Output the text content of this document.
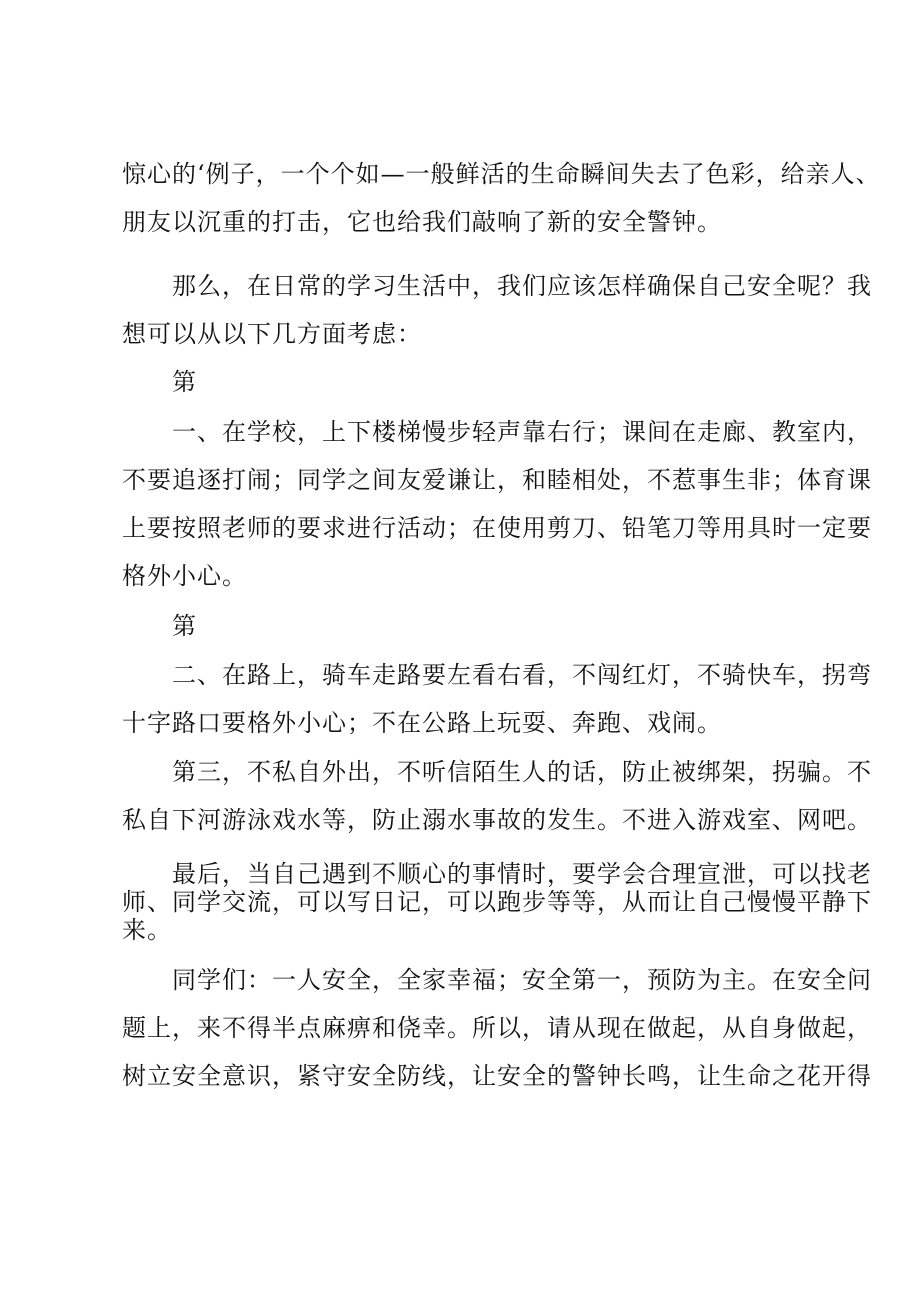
惊心的‘例子，一个个如—一般鲜活的生命瞬间失去了色彩，给亲人、
朋友以沉重的打击，它也给我们敲响了新的安全警钟。
那么，在日常的学习生活中，我们应该怎样确保自己安全呢？我
想可以从以下几方面考虑：
第
一、在学校，上下楼梯慢步轻声靠右行；课间在走廊、教室内，
不要追逐打闹；同学之间友爱谦让，和睦相处，不惹事生非；体育课
上要按照老师的要求进行活动；在使用剪刀、铅笔刀等用具时一定要
格外小心。
第
二、在路上，骑车走路要左看右看，不闯红灯，不骑快车，拐弯
十字路口要格外小心；不在公路上玩耍、奔跑、戏闹。
第三，不私自外出，不听信陌生人的话，防止被绑架，拐骗。不
私自下河游泳戏水等，防止溺水事故的发生。不进入游戏室、网吧。
最后，当自己遇到不顺心的事情时，要学会合理宣泄，可以找老
师、同学交流，可以写日记，可以跑步等等，从而让自己慢慢平静下
来。
同学们：一人安全，全家幸福；安全第一，预防为主。在安全问
题上，来不得半点麻痹和侥幸。所以，请从现在做起，从自身做起，
树立安全意识，紧守安全防线，让安全的警钟长鸣，让生命之花开得
